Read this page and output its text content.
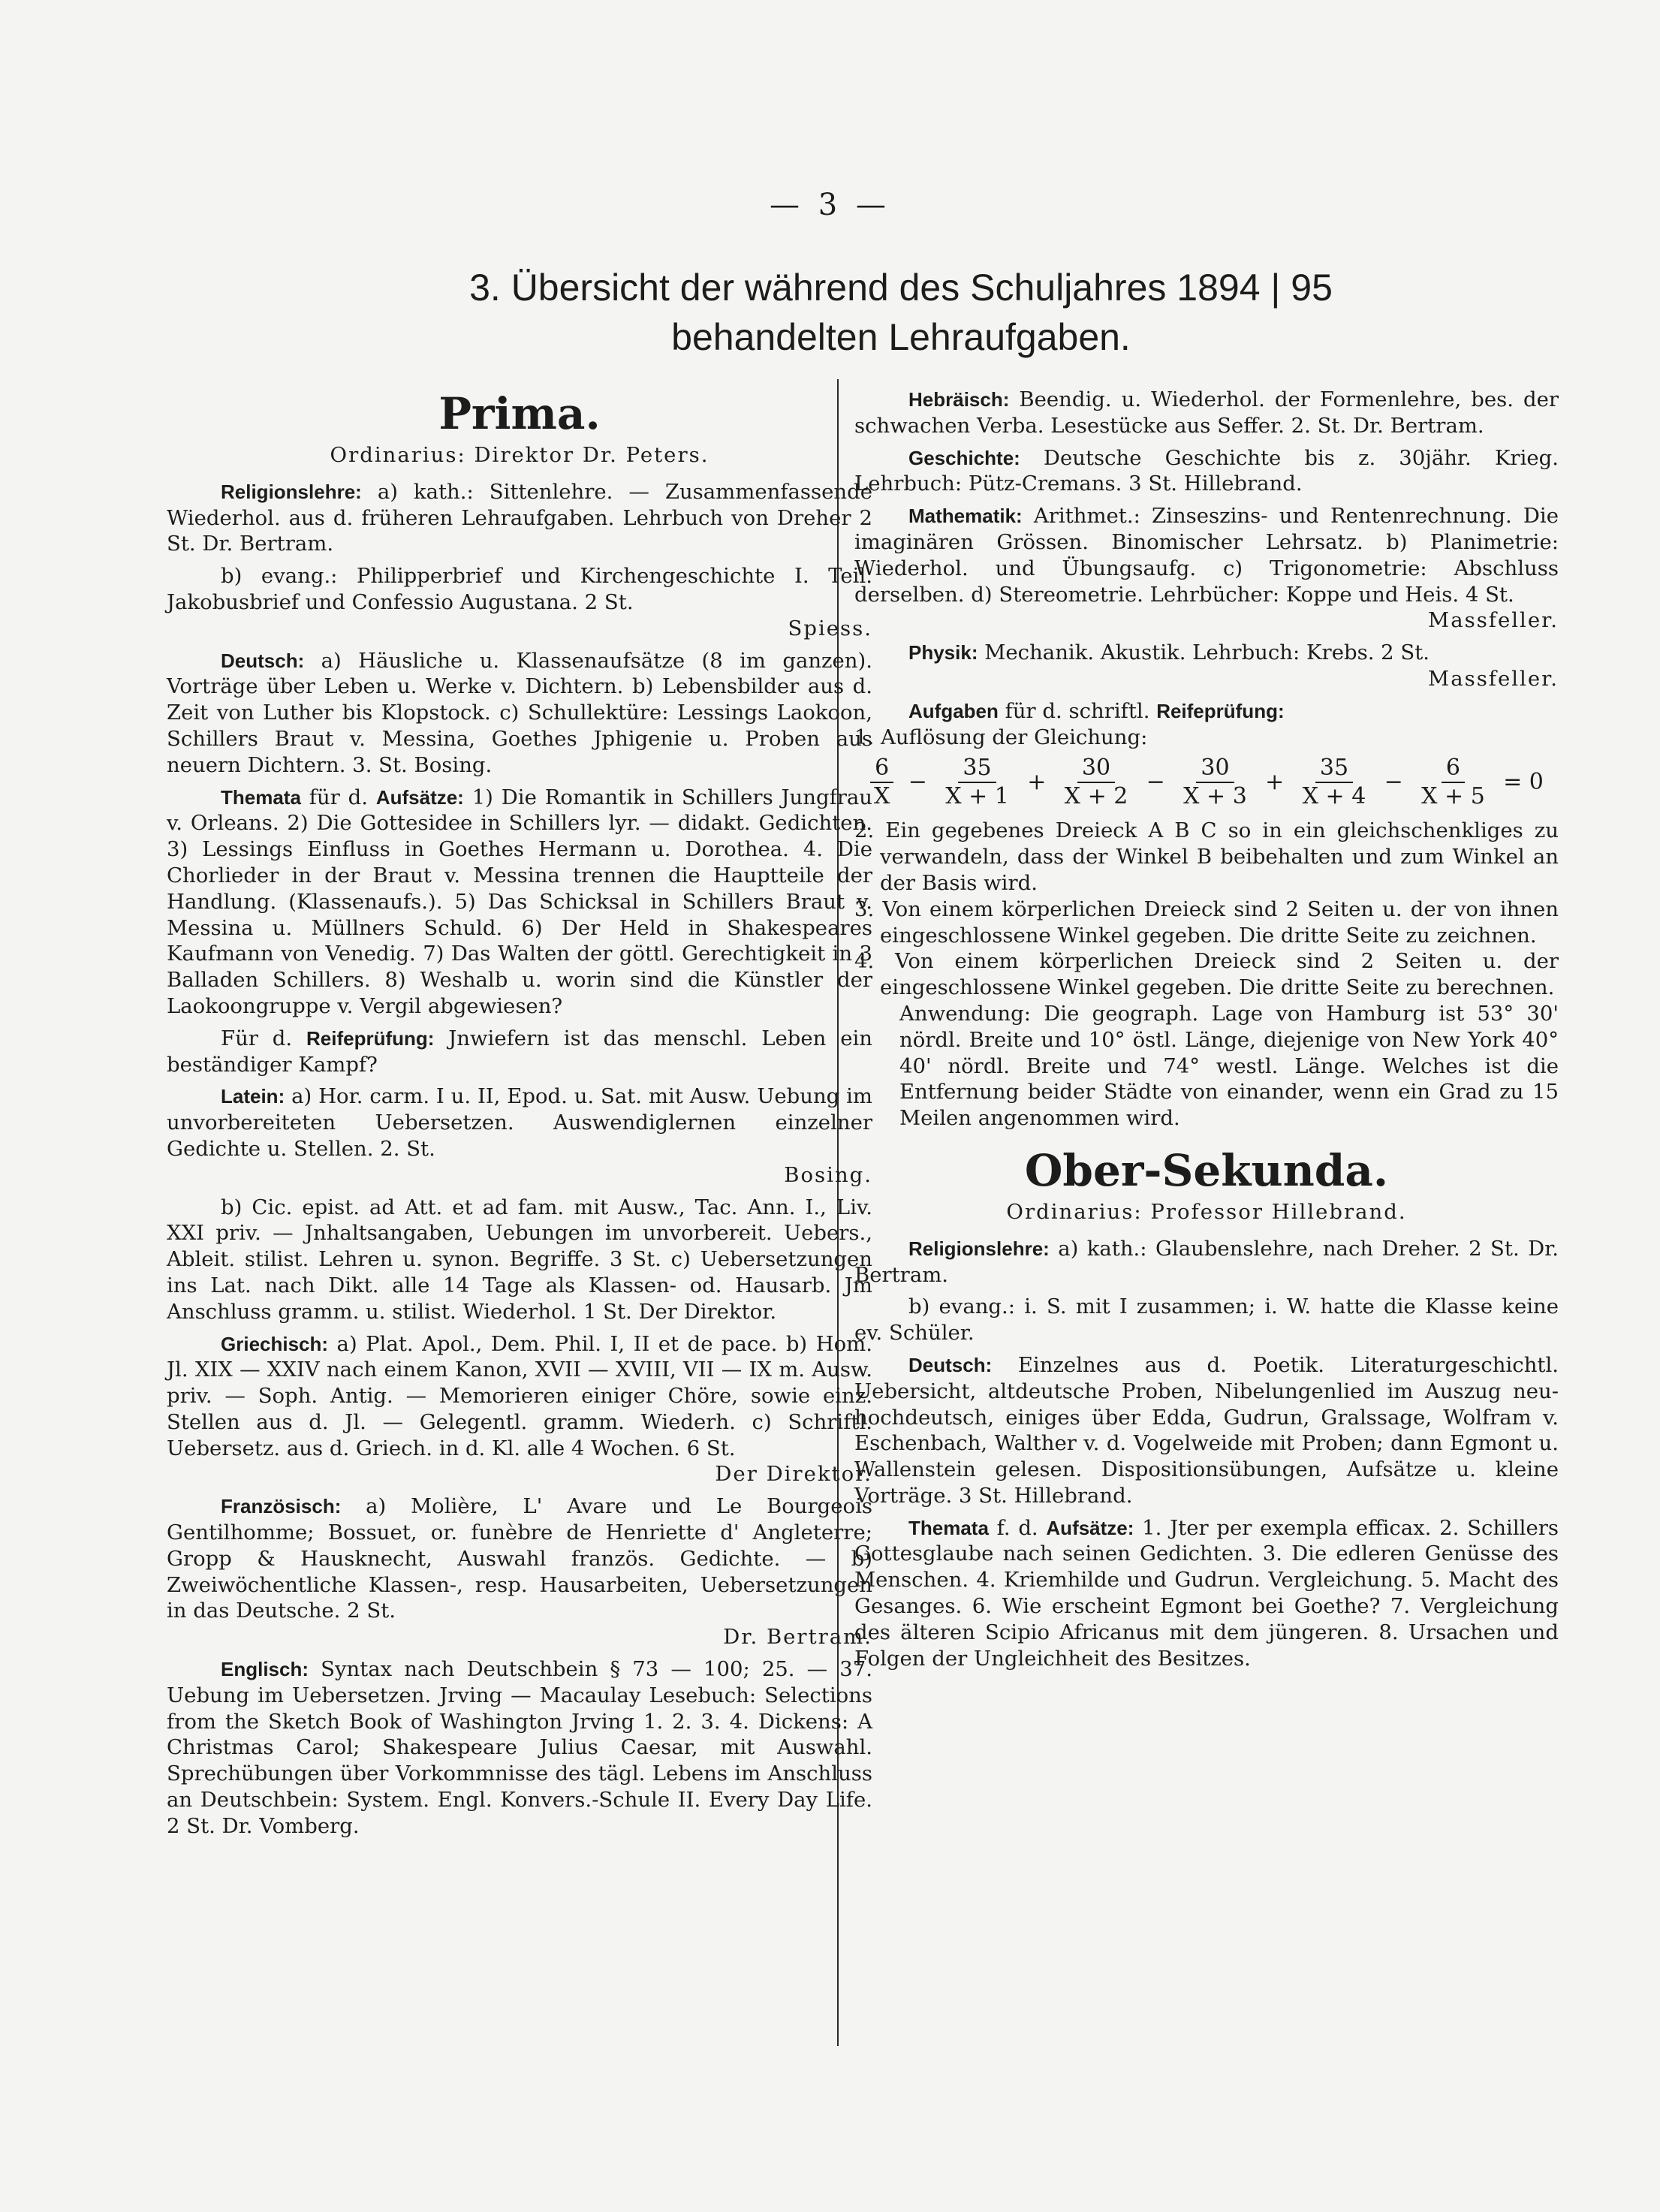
— 3 —
3. Übersicht der während des Schuljahres 1894 | 95
behandelten Lehraufgaben.
Prima.
Ordinarius: Direktor Dr. Peters.

Religionslehre: a) kath.: Sittenlehre. — Zusammenfassende Wiederhol. aus d. früheren Lehraufgaben. Lehrbuch von Dreher 2 St. Dr. Bertram.

b) evang.: Philipperbrief und Kirchengeschichte I. Teil. Jakobusbrief und Confessio Augustana. 2 St.
Spiess.

Deutsch: a) Häusliche u. Klassenaufsätze (8 im ganzen). Vorträge über Leben u. Werke v. Dichtern. b) Lebensbilder aus d. Zeit von Luther bis Klopstock. c) Schullektüre: Lessings Laokoon, Schillers Braut v. Messina, Goethes Jphigenie u. Proben aus neuern Dichtern. 3. St. Bosing.

Themata für d. Aufsätze: 1) Die Romantik in Schillers Jungfrau v. Orleans. 2) Die Gottesidee in Schillers lyr. — didakt. Gedichten. 3) Lessings Einfluss in Goethes Hermann u. Dorothea. 4. Die Chorlieder in der Braut v. Messina trennen die Hauptteile der Handlung. (Klassenaufs.). 5) Das Schicksal in Schillers Braut v. Messina u. Müllners Schuld. 6) Der Held in Shakespeares Kaufmann von Venedig. 7) Das Walten der göttl. Gerechtigkeit in 3 Balladen Schillers. 8) Weshalb u. worin sind die Künstler der Laokoongruppe v. Vergil abgewiesen?

Für d. Reifeprüfung: Jnwiefern ist das menschl. Leben ein beständiger Kampf?

Latein: a) Hor. carm. I u. II, Epod. u. Sat. mit Ausw. Uebung im unvorbereiteten Uebersetzen. Auswendiglernen einzelner Gedichte u. Stellen. 2. St.
Bosing.

b) Cic. epist. ad Att. et ad fam. mit Ausw., Tac. Ann. I., Liv. XXI priv. — Jnhaltsangaben, Uebungen im unvorbereit. Uebers., Ableit. stilist. Lehren u. synon. Begriffe. 3 St. c) Uebersetzungen ins Lat. nach Dikt. alle 14 Tage als Klassen- od. Hausarb. Jm Anschluss gramm. u. stilist. Wiederhol. 1 St. Der Direktor.

Griechisch: a) Plat. Apol., Dem. Phil. I, II et de pace. b) Hom. Jl. XIX — XXIV nach einem Kanon, XVII — XVIII, VII — IX m. Ausw. priv. — Soph. Antig. — Memorieren einiger Chöre, sowie einz. Stellen aus d. Jl. — Gelegentl. gramm. Wiederh. c) Schriftl. Uebersetz. aus d. Griech. in d. Kl. alle 4 Wochen. 6 St.
Der Direktor.

Französisch: a) Molière, L' Avare und Le Bourgeois Gentilhomme; Bossuet, or. funèbre de Henriette d' Angleterre; Gropp & Hausknecht, Auswahl französ. Gedichte. — b) Zweiwöchentliche Klassen-, resp. Hausarbeiten, Uebersetzungen in das Deutsche. 2 St.
Dr. Bertram.

Englisch: Syntax nach Deutschbein § 73 — 100; 25. — 37. Uebung im Uebersetzen. Jrving — Macaulay Lesebuch: Selections from the Sketch Book of Washington Jrving 1. 2. 3. 4. Dickens: A Christmas Carol; Shakespeare Julius Caesar, mit Auswahl. Sprechübungen über Vorkommnisse des tägl. Lebens im Anschluss an Deutschbein: System. Engl. Konvers.-Schule II. Every Day Life. 2 St. Dr. Vomberg.

Hebräisch: Beendig. u. Wiederhol. der Formenlehre, bes. der schwachen Verba. Lesestücke aus Seffer. 2. St. Dr. Bertram.

Geschichte: Deutsche Geschichte bis z. 30jähr. Krieg. Lehrbuch: Pütz-Cremans. 3 St. Hillebrand.

Mathematik: Arithmet.: Zinseszins- und Rentenrechnung. Die imaginären Grössen. Binomischer Lehrsatz. b) Planimetrie: Wiederhol. und Übungsaufg. c) Trigonometrie: Abschluss derselben. d) Stereometrie. Lehrbücher: Koppe und Heis. 4 St.
Massfeller.

Physik: Mechanik. Akustik. Lehrbuch: Krebs. 2 St.
Massfeller.

Aufgaben für d. schriftl. Reifeprüfung:

1. Auflösung der Gleichung:
$\frac{6}{X} - \frac{35}{X + 1} + \frac{30}{X + 2} - \frac{30}{X + 3} + \frac{35}{X + 4} - \frac{6}{X + 5} = 0$
2. Ein gegebenes Dreieck A B C so in ein gleichschenkliges zu verwandeln, dass der Winkel B beibehalten und zum Winkel an der Basis wird.
3. Von einem körperlichen Dreieck sind 2 Seiten u. der von ihnen eingeschlossene Winkel gegeben. Die dritte Seite zu zeichnen.
4. Von einem körperlichen Dreieck sind 2 Seiten u. der eingeschlossene Winkel gegeben. Die dritte Seite zu berechnen.

Anwendung: Die geograph. Lage von Hamburg ist 53° 30' nördl. Breite und 10° östl. Länge, diejenige von New York 40° 40' nördl. Breite und 74° westl. Länge. Welches ist die Entfernung beider Städte von einander, wenn ein Grad zu 15 Meilen angenommen wird.

Ober-Sekunda.
Ordinarius: Professor Hillebrand.

Religionslehre: a) kath.: Glaubenslehre, nach Dreher. 2 St. Dr. Bertram.

b) evang.: i. S. mit I zusammen; i. W. hatte die Klasse keine ev. Schüler.

Deutsch: Einzelnes aus d. Poetik. Literaturgeschichtl. Uebersicht, altdeutsche Proben, Nibelungenlied im Auszug neu-hochdeutsch, einiges über Edda, Gudrun, Gralssage, Wolfram v. Eschenbach, Walther v. d. Vogelweide mit Proben; dann Egmont u. Wallenstein gelesen. Dispositionsübungen, Aufsätze u. kleine Vorträge. 3 St. Hillebrand.

Themata f. d. Aufsätze: 1. Jter per exempla efficax. 2. Schillers Gottesglaube nach seinen Gedichten. 3. Die edleren Genüsse des Menschen. 4. Kriemhilde und Gudrun. Vergleichung. 5. Macht des Gesanges. 6. Wie erscheint Egmont bei Goethe? 7. Vergleichung des älteren Scipio Africanus mit dem jüngeren. 8. Ursachen und Folgen der Ungleichheit des Besitzes.
